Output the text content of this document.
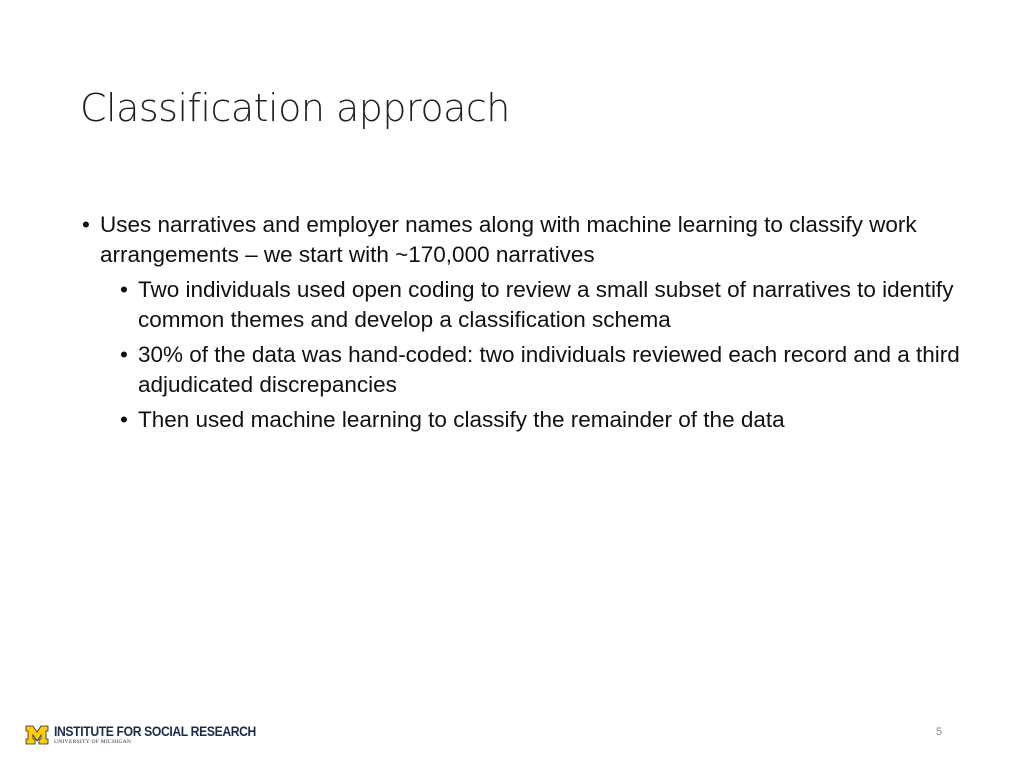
Classification approach
• Uses narratives and employer names along with machine learning to classify work arrangements – we start with ~170,000 narratives
• Two individuals used open coding to review a small subset of narratives to identify common themes and develop a classification schema
• 30% of the data was hand-coded: two individuals reviewed each record and a third adjudicated discrepancies
• Then used machine learning to classify the remainder of the data
INSTITUTE FOR SOCIAL RESEARCH
UNIVERSITY OF MICHIGAN
5
